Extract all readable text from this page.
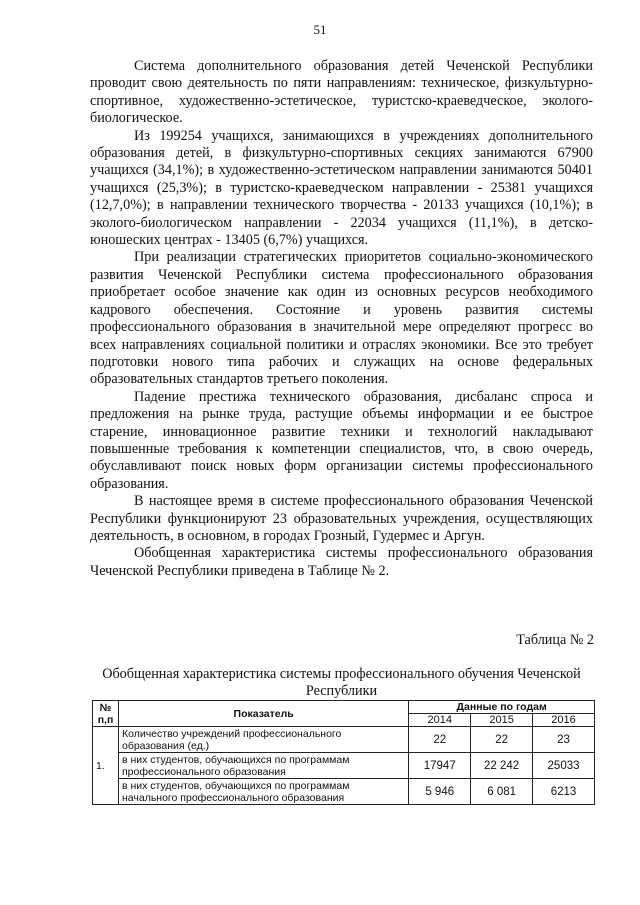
51

Система дополнительного образования детей Чеченской Республики проводит свою деятельность по пяти направлениям: техническое, физкультурно-спортивное, художественно-эстетическое, туристско-краеведческое, эколого-биологическое.

Из 199254 учащихся, занимающихся в учреждениях дополнительного образования детей, в физкультурно-спортивных секциях занимаются 67900 учащихся (34,1%); в художественно-эстетическом направлении занимаются 50401 учащихся (25,3%); в туристско-краеведческом направлении - 25381 учащихся (12,7,0%); в направлении технического творчества - 20133 учащихся (10,1%); в эколого-биологическом направлении - 22034 учащихся (11,1%), в детско-юношеских центрах - 13405 (6,7%) учащихся.

При реализации стратегических приоритетов социально-экономического развития Чеченской Республики система профессионального образования приобретает особое значение как один из основных ресурсов необходимого кадрового обеспечения. Состояние и уровень развития системы профессионального образования в значительной мере определяют прогресс во всех направлениях социальной политики и отраслях экономики. Все это требует подготовки нового типа рабочих и служащих на основе федеральных образовательных стандартов третьего поколения.

Падение престижа технического образования, дисбаланс спроса и предложения на рынке труда, растущие объемы информации и ее быстрое старение, инновационное развитие техники и технологий накладывают повышенные требования к компетенции специалистов, что, в свою очередь, обуславливают поиск новых форм организации системы профессионального образования.

В настоящее время в системе профессионального образования Чеченской Республики функционируют 23 образовательных учреждения, осуществляющих деятельность, в основном, в городах Грозный, Гудермес и Аргун.

Обобщенная характеристика системы профессионального образования Чеченской Республики приведена в Таблице № 2.

Таблица № 2
Обобщенная характеристика системы профессионального обучения Чеченской Республики
№ п,п	Показатель	Данные по годам		
		2014	2015	2016
1.	Количество учреждений профессионального образования (ед.)	22	22	23
	в них студентов, обучающихся по программам профессионального образования	17947	22 242	25033
	в них студентов, обучающихся по программам начального профессионального образования	5 946	6 081	6213
